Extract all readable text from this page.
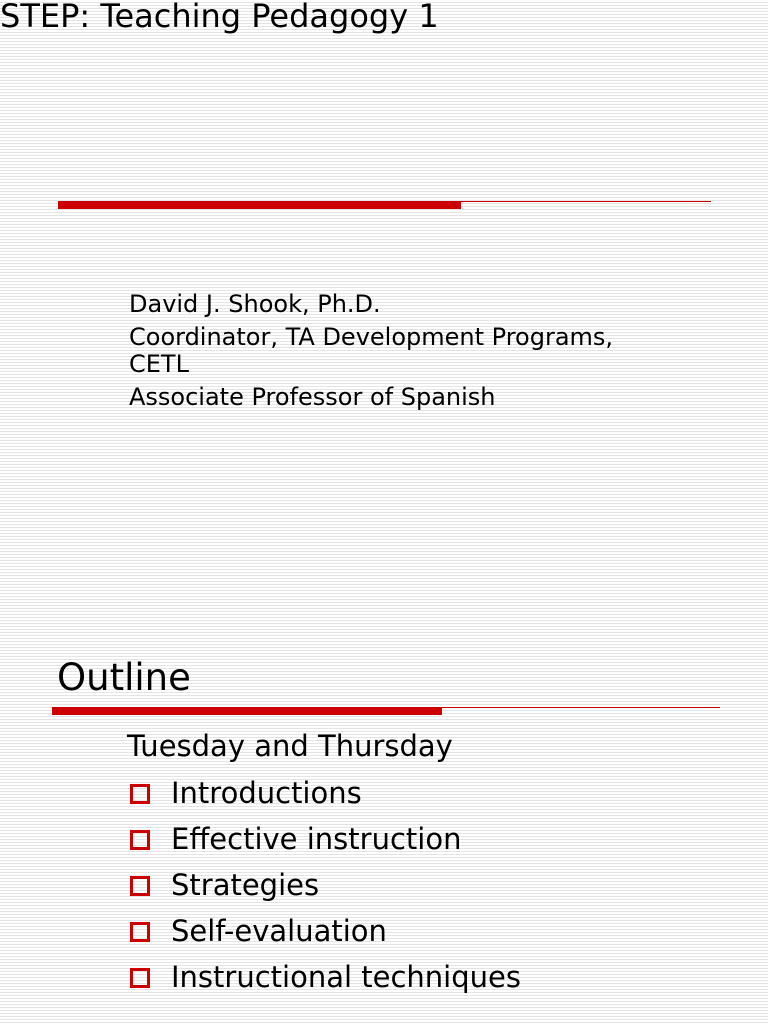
STEP: Teaching Pedagogy 1
David J. Shook, Ph.D.
Coordinator, TA Development Programs,
CETL
Associate Professor of Spanish
Outline
Tuesday and Thursday
Introductions
Effective instruction
Strategies
Self-evaluation
Instructional techniques
